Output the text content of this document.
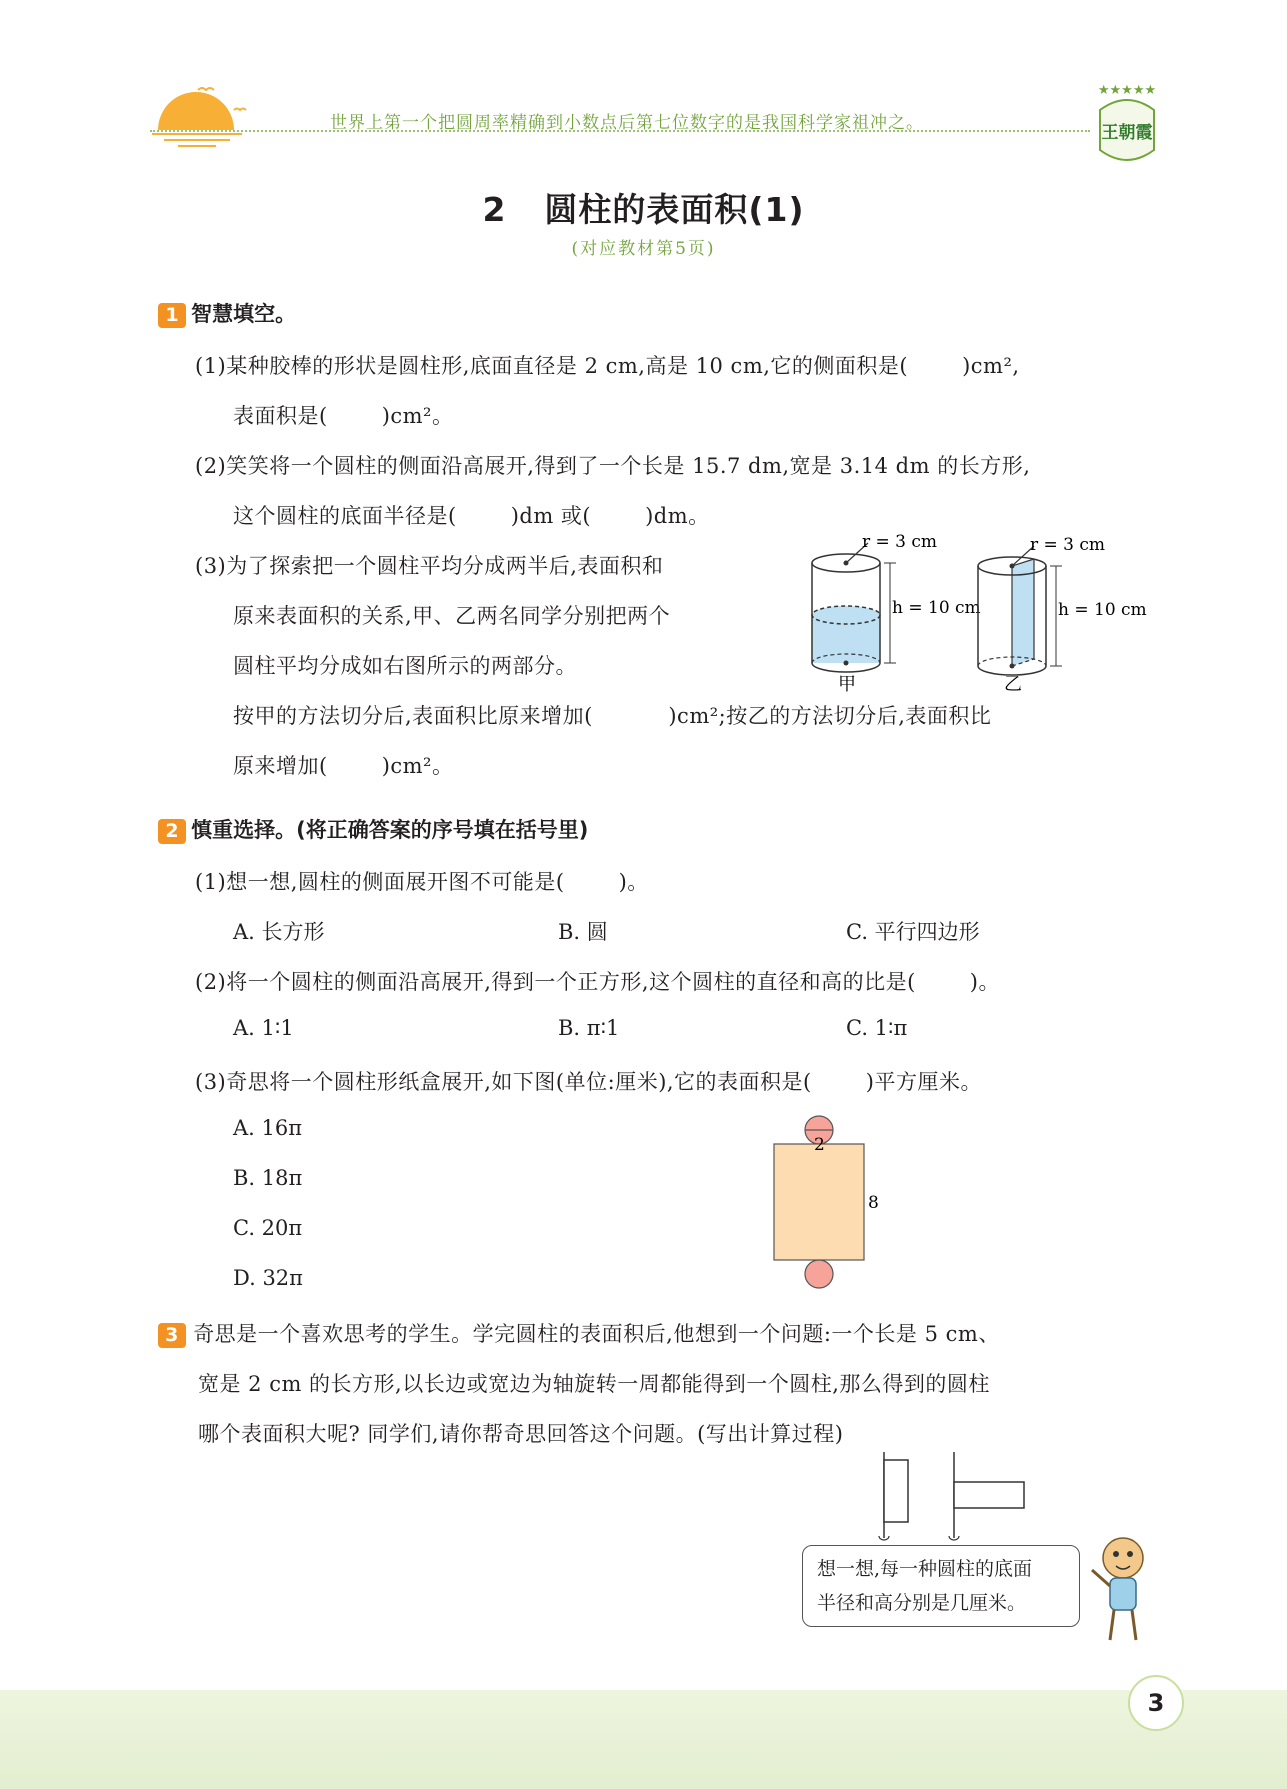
世界上第一个把圆周率精确到小数点后第七位数字的是我国科学家祖冲之。
★★★★★
王朝霞
2 圆柱的表面积(1)
(对应教材第5页)
1 智慧填空。
(1)某种胶棒的形状是圆柱形,底面直径是 2 cm,高是 10 cm,它的侧面积是(   )cm²,
表面积是(   )cm²。
(2)笑笑将一个圆柱的侧面沿高展开,得到了一个长是 15.7 dm,宽是 3.14 dm 的长方形,
这个圆柱的底面半径是(   )dm 或(   )dm。
(3)为了探索把一个圆柱平均分成两半后,表面积和
原来表面积的关系,甲、乙两名同学分别把两个
圆柱平均分成如右图所示的两部分。
按甲的方法切分后,表面积比原来增加(    )cm²;按乙的方法切分后,表面积比
原来增加(   )cm²。
r = 3 cm
h = 10 cm
甲
r = 3 cm
h = 10 cm
乙
2 慎重选择。(将正确答案的序号填在括号里)
(1)想一想,圆柱的侧面展开图不可能是(   )。
A. 长方形	B. 圆	C. 平行四边形
(2)将一个圆柱的侧面沿高展开,得到一个正方形,这个圆柱的直径和高的比是(   )。
A. 1∶1	B. π∶1	C. 1∶π
(3)奇思将一个圆柱形纸盒展开,如下图(单位:厘米),它的表面积是(   )平方厘米。
A. 16π
B. 18π
C. 20π
D. 32π
2
8
3 奇思是一个喜欢思考的学生。学完圆柱的表面积后,他想到一个问题:一个长是 5 cm、
宽是 2 cm 的长方形,以长边或宽边为轴旋转一周都能得到一个圆柱,那么得到的圆柱
哪个表面积大呢? 同学们,请你帮奇思回答这个问题。(写出计算过程)
想一想,每一种圆柱的底面
半径和高分别是几厘米。
3
